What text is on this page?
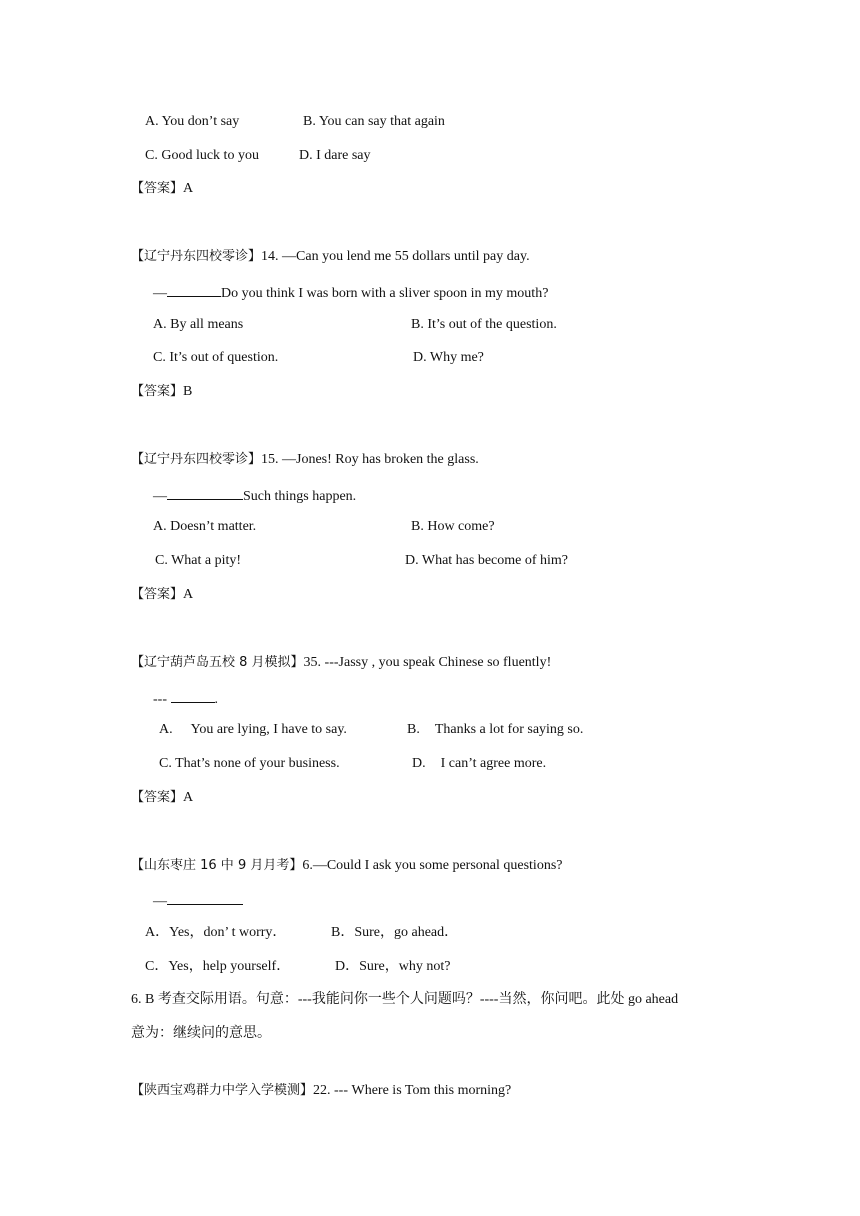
A. You don’t say	B. You can say that again
C. Good luck to you	D. I dare say
【答案】A
【辽宁丹东四校零诊】14. —Can you lend me 55 dollars until pay day.
—	Do you think I was born with a sliver spoon in my mouth?
A. By all means	B. It’s out of the question.
C. It’s out of question.	D. Why me?
【答案】B
【辽宁丹东四校零诊】15. —Jones! Roy has broken the glass.
—	Such things happen.
A. Doesn’t matter.	B. How come?
C. What a pity!	D. What has become of him?
【答案】A
【辽宁葫芦岛五校 8 月模拟】35. ---Jassy , you speak Chinese so fluently!
---	.
A. You are lying, I have to say.	B. Thanks a lot for saying so.
C. That’s none of your business.	D. I can’t agree more.
【答案】A
【山东枣庄 16 中 9 月月考】6.—Could I ask you some personal questions?
—
A．Yes，don’ t worry．	B．Sure，go ahead．
C．Yes，help yourself．	D．Sure，why not?
6. B 考查交际用语。句意：---我能问你一些个人问题吗？----当然，你问吧。此处 go ahead
意为：继续问的意思。
【陕西宝鸡群力中学入学模测】22. --- Where is Tom this morning?
